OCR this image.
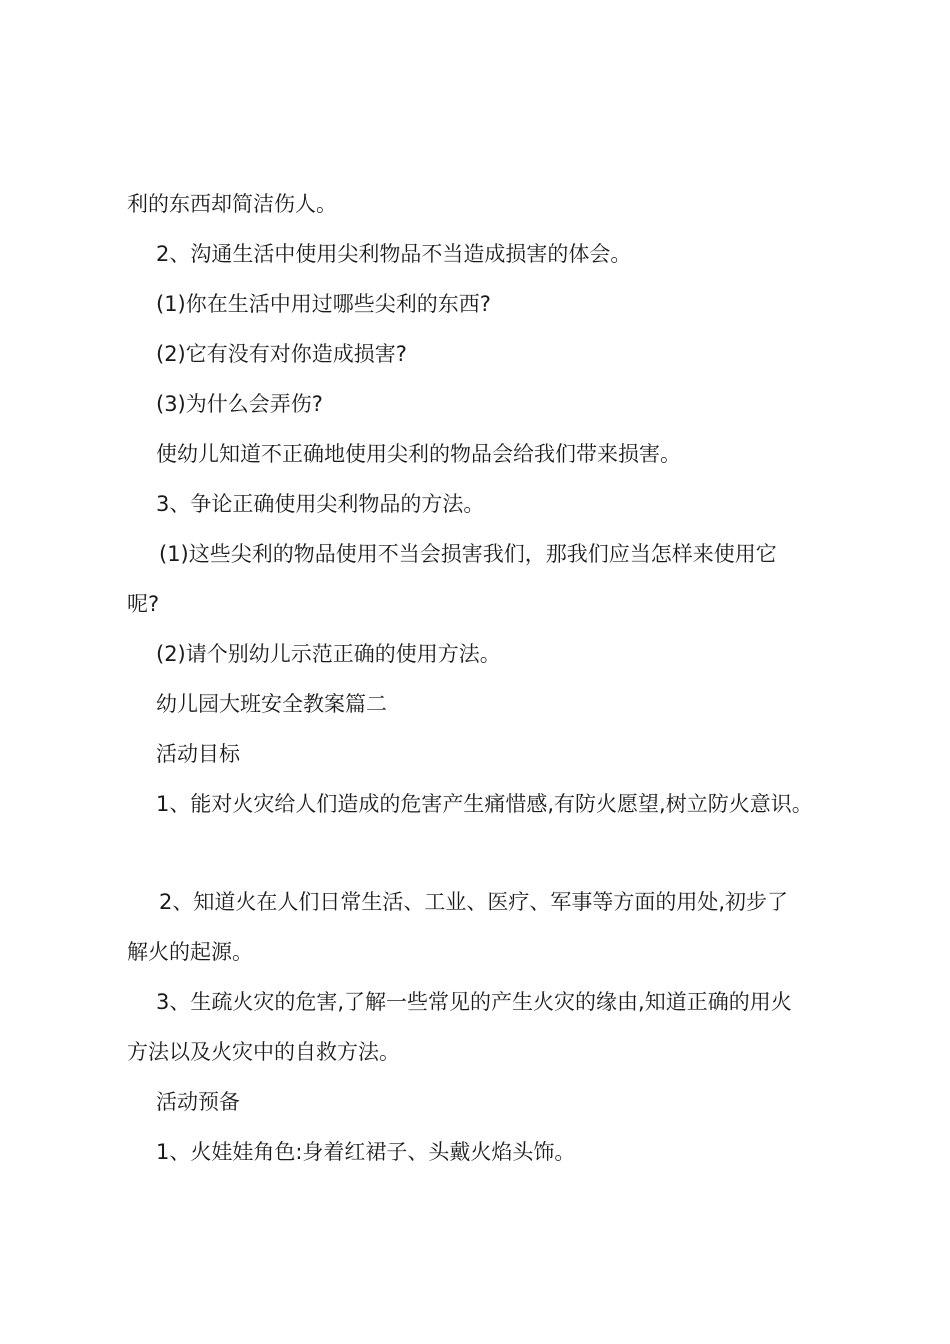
利的东西却简洁伤人。

2、沟通生活中使用尖利物品不当造成损害的体会。

(1)你在生活中用过哪些尖利的东西?

(2)它有没有对你造成损害?

(3)为什么会弄伤?

使幼儿知道不正确地使用尖利的物品会给我们带来损害。

3、争论正确使用尖利物品的方法。

(1)这些尖利的物品使用不当会损害我们，那我们应当怎样来使用它

呢?

(2)请个别幼儿示范正确的使用方法。

幼儿园大班安全教案篇二

活动目标

1、能对火灾给人们造成的危害产生痛惜感,有防火愿望,树立防火意识。

2、知道火在人们日常生活、工业、医疗、军事等方面的用处,初步了

解火的起源。

3、生疏火灾的危害,了解一些常见的产生火灾的缘由,知道正确的用火

方法以及火灾中的自救方法。

活动预备

1、火娃娃角色:身着红裙子、头戴火焰头饰。
